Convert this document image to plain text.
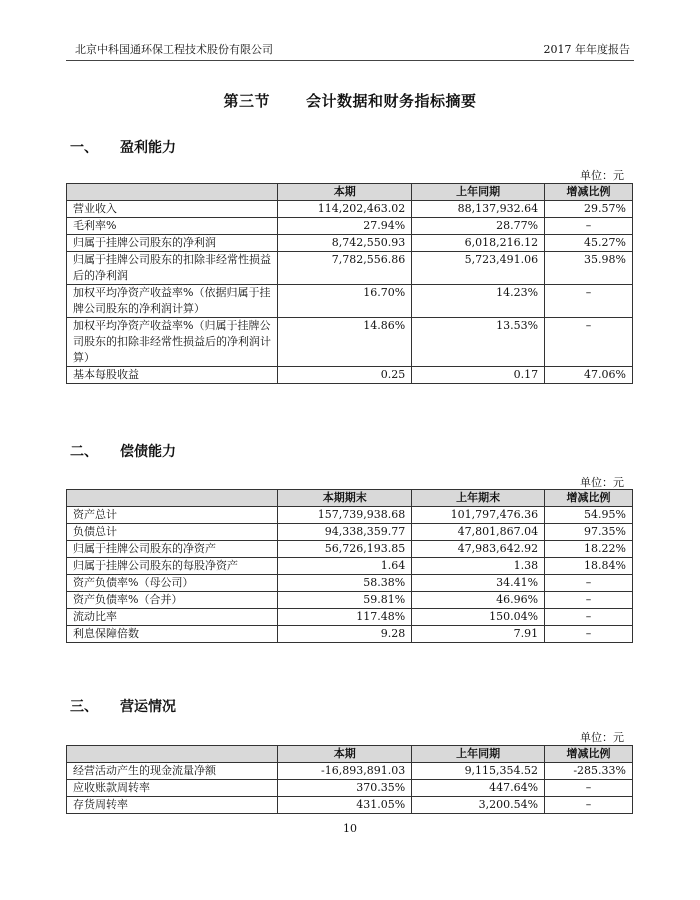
北京中科国通环保工程技术股份有限公司	2017 年年度报告
第三节 会计数据和财务指标摘要
一、 盈利能力
单位：元
	本期	上年同期	增减比例
营业收入	114,202,463.02	88,137,932.64	29.57%
毛利率%	27.94%	28.77%	–
归属于挂牌公司股东的净利润	8,742,550.93	6,018,216.12	45.27%
归属于挂牌公司股东的扣除非经常性损益后的净利润	7,782,556.86	5,723,491.06	35.98%
加权平均净资产收益率%（依据归属于挂牌公司股东的净利润计算）	16.70%	14.23%	–
加权平均净资产收益率%（归属于挂牌公司股东的扣除非经常性损益后的净利润计算）	14.86%	13.53%	–
基本每股收益	0.25	0.17	47.06%
二、 偿债能力
单位：元
	本期期末	上年期末	增减比例
资产总计	157,739,938.68	101,797,476.36	54.95%
负债总计	94,338,359.77	47,801,867.04	97.35%
归属于挂牌公司股东的净资产	56,726,193.85	47,983,642.92	18.22%
归属于挂牌公司股东的每股净资产	1.64	1.38	18.84%
资产负债率%（母公司）	58.38%	34.41%	–
资产负债率%（合并）	59.81%	46.96%	–
流动比率	117.48%	150.04%	–
利息保障倍数	9.28	7.91	–
三、 营运情况
单位：元
	本期	上年同期	增减比例
经营活动产生的现金流量净额	-16,893,891.03	9,115,354.52	-285.33%
应收账款周转率	370.35%	447.64%	–
存货周转率	431.05%	3,200.54%	–
10
